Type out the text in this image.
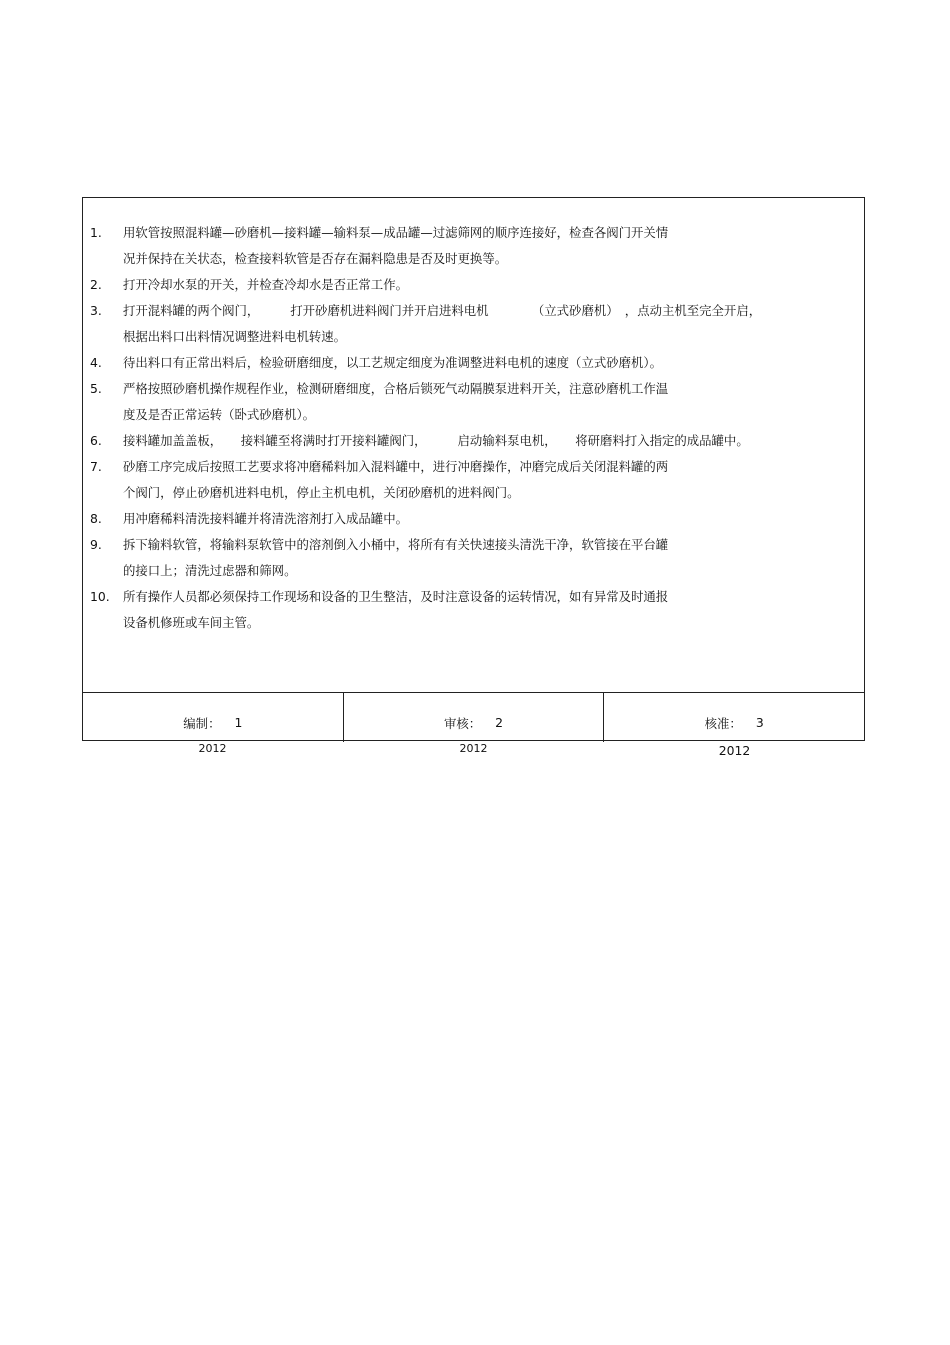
1.	用软管按照混料罐—砂磨机—接料罐—输料泵—成品罐—过滤筛网的顺序连接好，检查各阀门开关情
况并保持在关状态，检查接料软管是否存在漏料隐患是否及时更换等。
2.	打开冷却水泵的开关，并检查冷却水是否正常工作。
3.	打开混料罐的两个阀门，　　　打开砂磨机进料阀门并开启进料电机　　　　（立式砂磨机）　，点动主机至完全开启，
根据出料口出料情况调整进料电机转速。
4.	待出料口有正常出料后，检验研磨细度，以工艺规定细度为准调整进料电机的速度（立式砂磨机）。
5.	严格按照砂磨机操作规程作业，检测研磨细度，合格后锁死气动隔膜泵进料开关，注意砂磨机工作温
度及是否正常运转（卧式砂磨机）。
6.	接料罐加盖盖板，　　接料罐至将满时打开接料罐阀门，　　　启动输料泵电机，　　将研磨料打入指定的成品罐中。
7.	砂磨工序完成后按照工艺要求将冲磨稀料加入混料罐中，进行冲磨操作，冲磨完成后关闭混料罐的两
个阀门，停止砂磨机进料电机，停止主机电机，关闭砂磨机的进料阀门。
8.	用冲磨稀料清洗接料罐并将清洗溶剂打入成品罐中。
9.	拆下输料软管，将输料泵软管中的溶剂倒入小桶中，将所有有关快速接头清洗干净，软管接在平台罐
的接口上；清洗过虑器和筛网。
10.	所有操作人员都必须保持工作现场和设备的卫生整洁，及时注意设备的运转情况，如有异常及时通报
设备机修班或车间主管。
编制： 1	审核： 2	核准： 3
2012	2012	2012
